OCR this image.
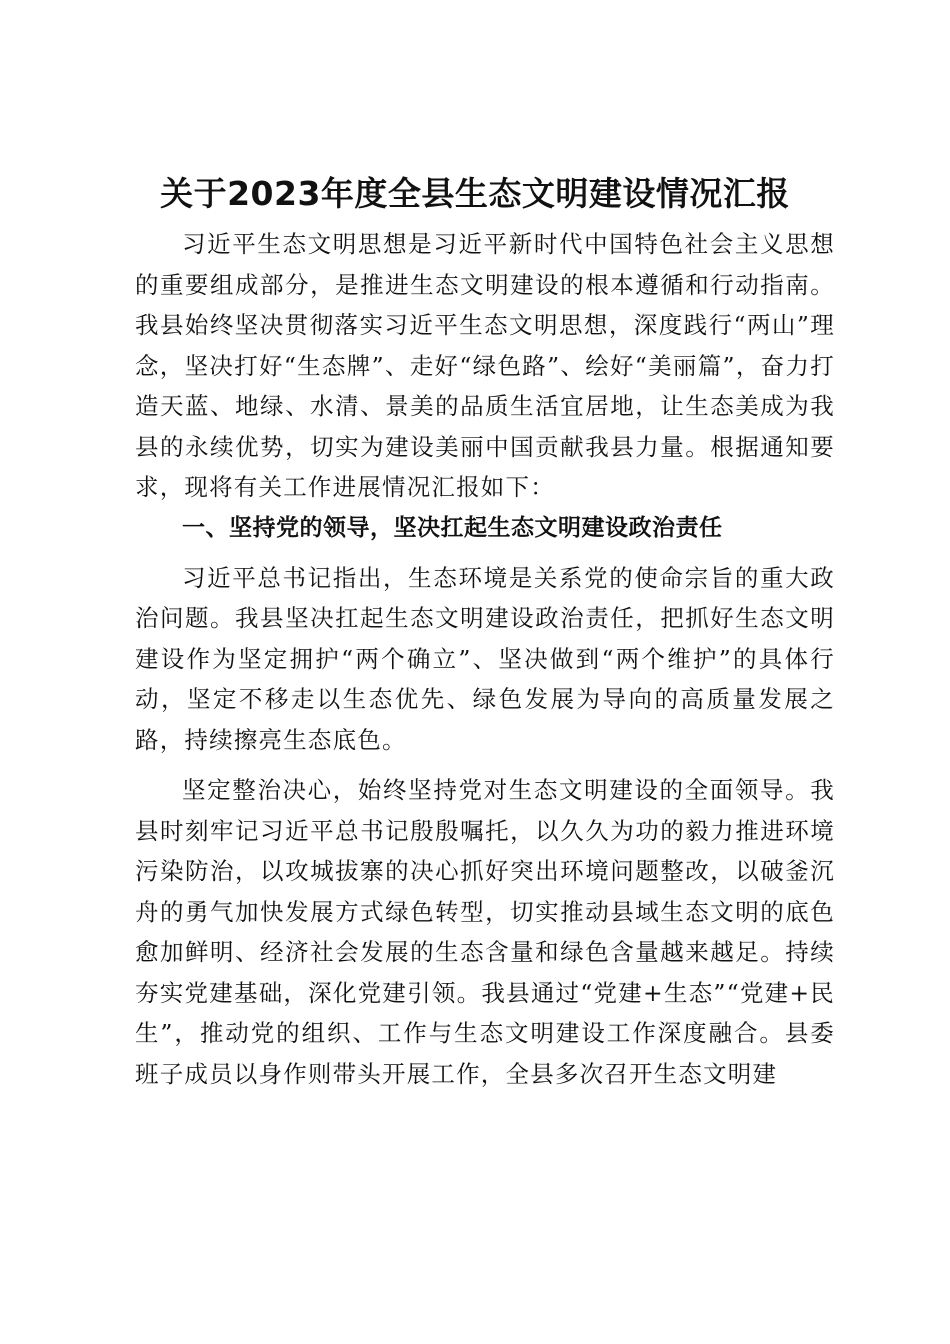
关于2023年度全县生态文明建设情况汇报

习近平生态文明思想是习近平新时代中国特色社会主义思想的重要组成部分，是推进生态文明建设的根本遵循和行动指南。我县始终坚决贯彻落实习近平生态文明思想，深度践行“两山”理念，坚决打好“生态牌”、走好“绿色路”、绘好“美丽篇”，奋力打造天蓝、地绿、水清、景美的品质生活宜居地，让生态美成为我县的永续优势，切实为建设美丽中国贡献我县力量。根据通知要求，现将有关工作进展情况汇报如下：

一、坚持党的领导，坚决扛起生态文明建设政治责任

习近平总书记指出，生态环境是关系党的使命宗旨的重大政治问题。我县坚决扛起生态文明建设政治责任，把抓好生态文明建设作为坚定拥护“两个确立”、坚决做到“两个维护”的具体行动，坚定不移走以生态优先、绿色发展为导向的高质量发展之路，持续擦亮生态底色。

坚定整治决心，始终坚持党对生态文明建设的全面领导。我县时刻牢记习近平总书记殷殷嘱托，以久久为功的毅力推进环境污染防治，以攻城拔寨的决心抓好突出环境问题整改，以破釜沉舟的勇气加快发展方式绿色转型，切实推动县域生态文明的底色愈加鲜明、经济社会发展的生态含量和绿色含量越来越足。持续夯实党建基础，深化党建引领。我县通过“党建+生态”“党建+民生”，推动党的组织、工作与生态文明建设工作深度融合。县委班子成员以身作则带头开展工作，全县多次召开生态文明建
